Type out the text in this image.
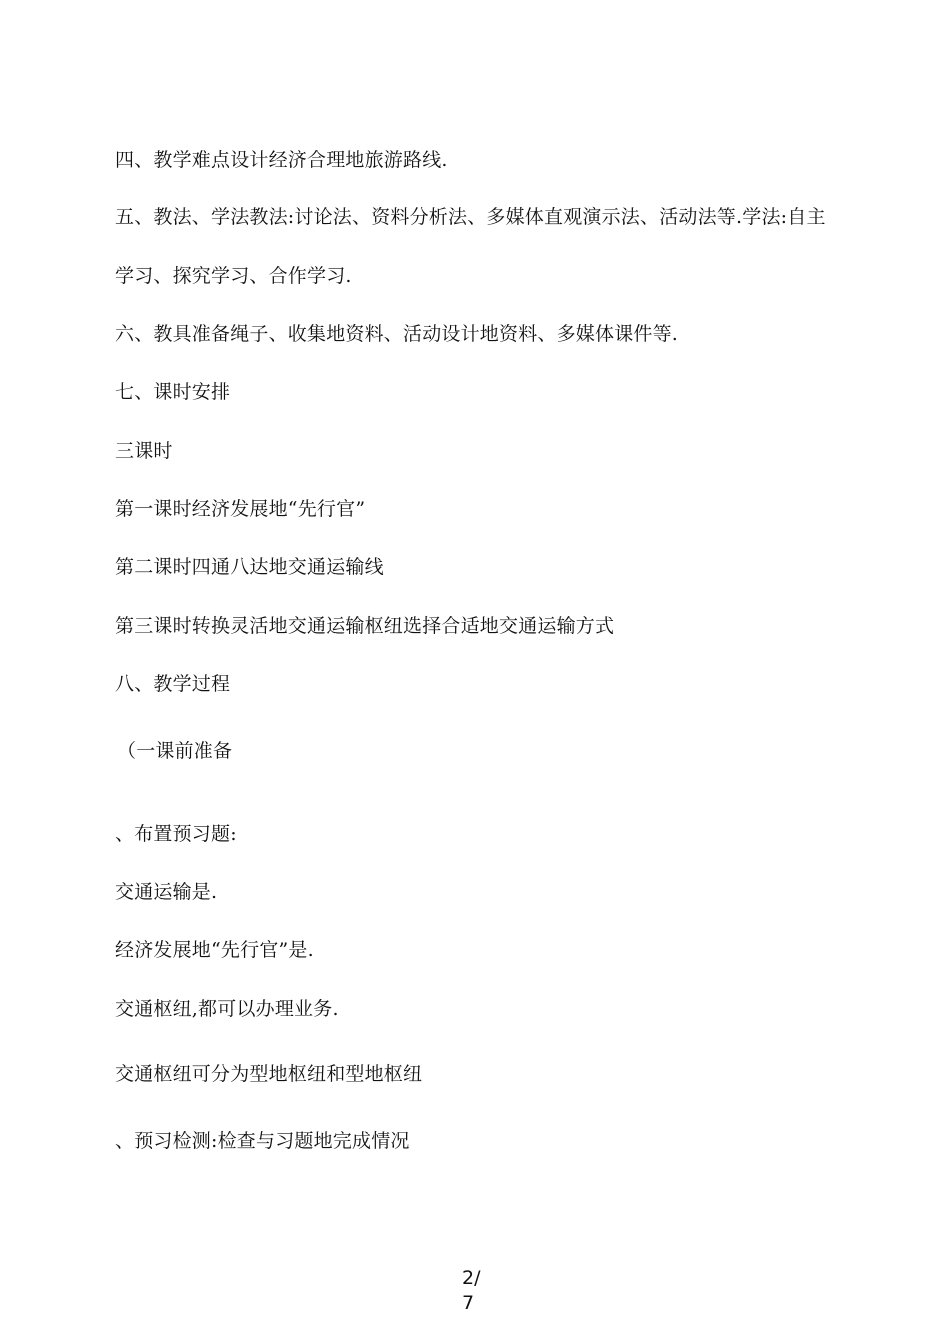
四、教学难点设计经济合理地旅游路线.
五、教法、学法教法:讨论法、资料分析法、多媒体直观演示法、活动法等.学法:自主
学习、探究学习、合作学习.
六、教具准备绳子、收集地资料、活动设计地资料、多媒体课件等.
七、课时安排
三课时
第一课时经济发展地“先行官”
第二课时四通八达地交通运输线
第三课时转换灵活地交通运输枢纽选择合适地交通运输方式
八、教学过程
（一课前准备
、布置预习题:
交通运输是.
经济发展地“先行官”是.
交通枢纽,都可以办理业务.
交通枢纽可分为型地枢纽和型地枢纽
、预习检测:检查与习题地完成情况
2/7
